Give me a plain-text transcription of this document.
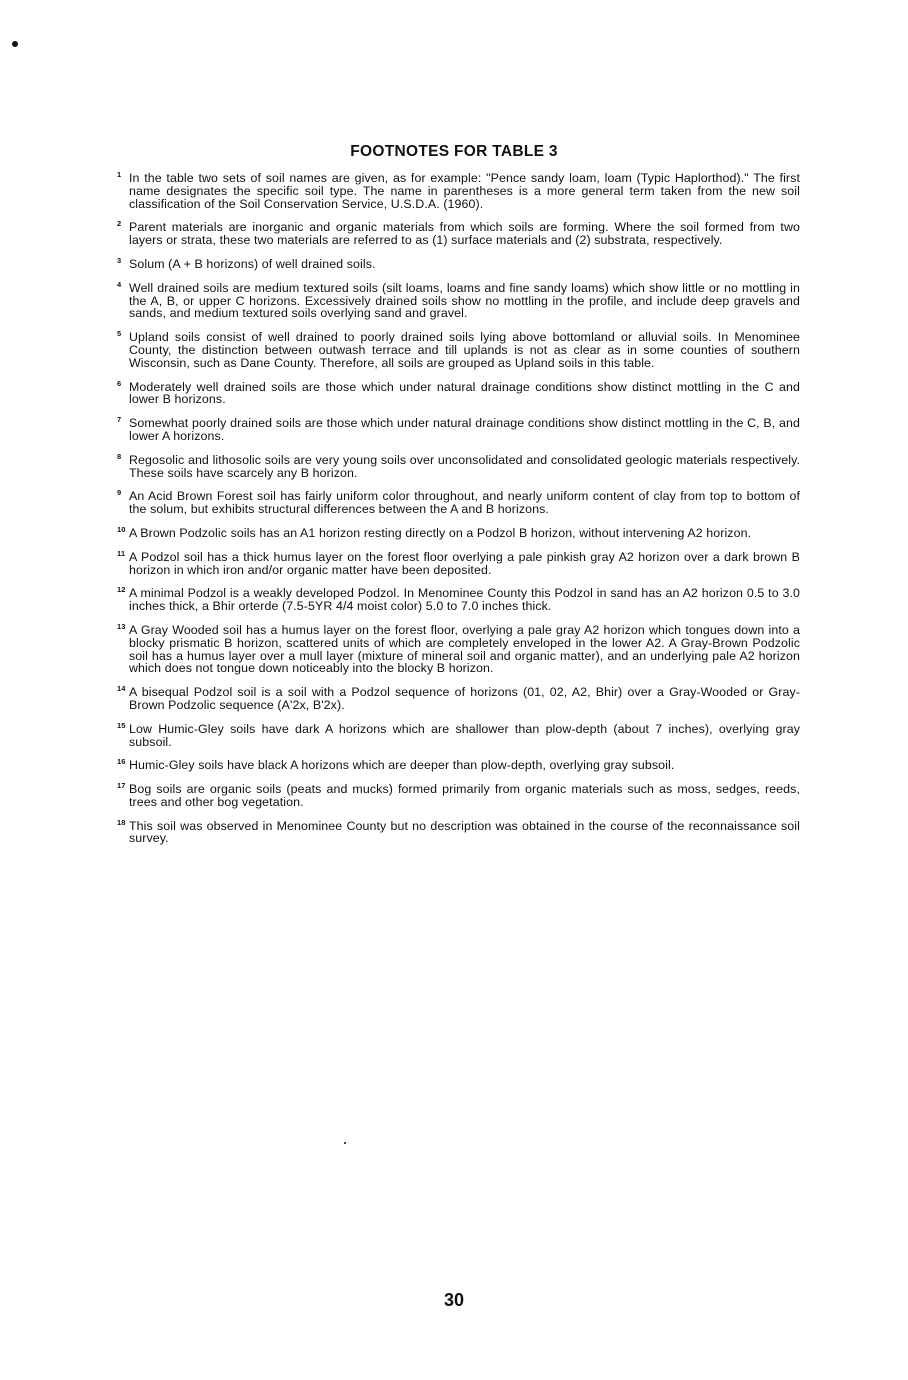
FOOTNOTES FOR TABLE 3
1 In the table two sets of soil names are given, as for example: "Pence sandy loam, loam (Typic Haplorthod)." The first name designates the specific soil type. The name in parentheses is a more general term taken from the new soil classification of the Soil Conservation Service, U.S.D.A. (1960).
2 Parent materials are inorganic and organic materials from which soils are forming. Where the soil formed from two layers or strata, these two materials are referred to as (1) surface materials and (2) substrata, respectively.
3 Solum (A + B horizons) of well drained soils.
4 Well drained soils are medium textured soils (silt loams, loams and fine sandy loams) which show little or no mottling in the A, B, or upper C horizons. Excessively drained soils show no mottling in the profile, and include deep gravels and sands, and medium textured soils overlying sand and gravel.
5 Upland soils consist of well drained to poorly drained soils lying above bottomland or alluvial soils. In Menominee County, the distinction between outwash terrace and till uplands is not as clear as in some counties of southern Wisconsin, such as Dane County. Therefore, all soils are grouped as Upland soils in this table.
6 Moderately well drained soils are those which under natural drainage conditions show distinct mottling in the C and lower B horizons.
7 Somewhat poorly drained soils are those which under natural drainage conditions show distinct mottling in the C, B, and lower A horizons.
8 Regosolic and lithosolic soils are very young soils over unconsolidated and consolidated geologic materials respectively. These soils have scarcely any B horizon.
9 An Acid Brown Forest soil has fairly uniform color throughout, and nearly uniform content of clay from top to bottom of the solum, but exhibits structural differences between the A and B horizons.
10 A Brown Podzolic soils has an A1 horizon resting directly on a Podzol B horizon, without intervening A2 horizon.
11 A Podzol soil has a thick humus layer on the forest floor overlying a pale pinkish gray A2 horizon over a dark brown B horizon in which iron and/or organic matter have been deposited.
12 A minimal Podzol is a weakly developed Podzol. In Menominee County this Podzol in sand has an A2 horizon 0.5 to 3.0 inches thick, a Bhir orterde (7.5-5YR 4/4 moist color) 5.0 to 7.0 inches thick.
13 A Gray Wooded soil has a humus layer on the forest floor, overlying a pale gray A2 horizon which tongues down into a blocky prismatic B horizon, scattered units of which are completely enveloped in the lower A2. A Gray-Brown Podzolic soil has a humus layer over a mull layer (mixture of mineral soil and organic matter), and an underlying pale A2 horizon which does not tongue down noticeably into the blocky B horizon.
14 A bisequal Podzol soil is a soil with a Podzol sequence of horizons (01, 02, A2, Bhir) over a Gray-Wooded or Gray-Brown Podzolic sequence (A'2x, B'2x).
15 Low Humic-Gley soils have dark A horizons which are shallower than plow-depth (about 7 inches), overlying gray subsoil.
16 Humic-Gley soils have black A horizons which are deeper than plow-depth, overlying gray subsoil.
17 Bog soils are organic soils (peats and mucks) formed primarily from organic materials such as moss, sedges, reeds, trees and other bog vegetation.
18 This soil was observed in Menominee County but no description was obtained in the course of the reconnaissance soil survey.
30
